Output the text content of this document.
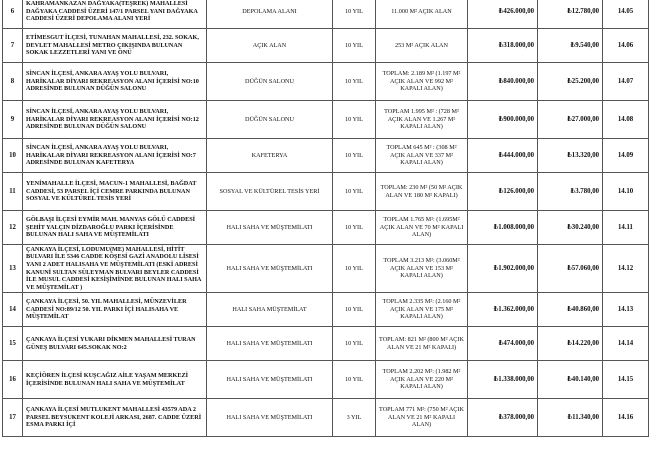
6	KAHRAMANKAZAN DAĞYAKA(TEŞREK) MAHALLESİ DAĞYAKA CADDESİ ÜZERİ 147/1 PARSEL YANI DAĞYAKA CADDESİ ÜZERİ DEPOLAMA ALANI YERİ	DEPOLAMA ALANI	10 YIL	11.000 M² AÇIK ALAN	₺426.000,00	₺12.780,00	14.05
7	ETİMESGUT İLÇESİ, TUNAHAN MAHALLESİ, 232. SOKAK, DEVLET MAHALLESİ METRO ÇIKIŞINDA BULUNAN SOKAK LEZZETLERİ YANI VE ÖNÜ	AÇIK ALAN	10 YIL	253 M² AÇIK ALAN	₺318.000,00	₺9.540,00	14.06
8	SİNCAN İLÇESİ, ANKARA AYAŞ YOLU BULVARI, HARİKALAR DİYARI REKREASYON ALANI İÇERİSİ NO:10 ADRESİNDE BULUNAN DÜĞÜN SALONU	DÜĞÜN SALONU	10 YIL	TOPLAM: 2.189 M² (1.197 M² AÇIK ALAN VE 992 M² KAPALI ALAN)	₺840.000,00	₺25.200,00	14.07
9	SİNCAN İLÇESİ, ANKARA AYAŞ YOLU BULVARI, HARİKALAR DİYARI REKREASYON ALANI İÇERİSİ NO:12 ADRESİNDE BULUNAN DÜĞÜN SALONU	DÜĞÜN SALONU	10 YIL	TOPLAM 1.995 M² : (728 M² AÇIK ALAN VE 1.267 M² KAPALI ALAN)	₺900.000,00	₺27.000,00	14.08
10	SİNCAN İLÇESİ, ANKARA AYAŞ YOLU BULVARI, HARİKALAR DİYARI REKREASYON ALANI İÇERİSİ NO:7 ADRESİNDE BULUNAN KAFETERYA	KAFETERYA	10 YIL	TOPLAM 645 M² : (308 M² AÇIK ALAN VE 337 M² KAPALI ALAN)	₺444.000,00	₺13.320,00	14.09
11	YENİMAHALLE İLÇESİ, MACUN-1 MAHALLESİ, BAĞDAT CADDESİ, 53 PARSEL İÇİ CEMRE PARKINDA BULUNAN SOSYAL VE KÜLTÜREL TESİS YERİ	SOSYAL VE KÜLTÜREL TESİS YERİ	10 YIL	TOPLAM: 230 M² (50 M² AÇIK ALAN VE 180 M² KAPALI)	₺126.000,00	₺3.780,00	14.10
12	GÖLBAŞI İLÇESİ EYMİR MAH. MANYAS GÖLÜ CADDESİ ŞEHİT YALÇIN DİZDAROĞLU PARKI İÇERİSİNDE BULUNAN HALI SAHA VE MÜŞTEMİLATI	HALI SAHA VE MÜŞTEMİLATI	10 YIL	TOPLAM 1.765 M²: (1.695M² AÇIK ALAN VE 70 M² KAPALI ALAN)	₺1.008.000,00	₺30.240,00	14.11
13	ÇANKAYA İLÇESİ, LODUMU(ME) MAHALLESİ, HİTİT BULVARI İLE 5346 CADDE KÖŞESİ GAZİ ANADOLU LİSESİ YANI 2 ADET HALISAHA VE MÜŞTEMİLATI (ESKİ ADRESİ KANUNİ SULTAN SÜLEYMAN BULVARI BEYLER CADDESİ İLE MUSUL CADDESİ KESİŞİMİNDE BULUNAN HALI SAHA VE MÜŞTEMİLAT )	HALI SAHA VE MÜŞTEMİLATI	10 YIL	TOPLAM 3.213 M²: (3.060M² AÇIK ALAN VE 153 M² KAPALI ALAN)	₺1.902.000,00	₺57.060,00	14.12
14	ÇANKAYA İLÇESİ, 50. YIL MAHALLESİ, MÜNZEVİLER CADDESİ NO:89/12 50. YIL PARKI İÇİ HALISAHA VE MÜŞTEMİLAT	HALI SAHA MÜŞTEMİLAT	10 YIL	TOPLAM 2.335 M²: (2.160 M² AÇIK ALAN VE 175 M² KAPALI ALAN)	₺1.362.000,00	₺40.860,00	14.13
15	ÇANKAYA İLÇESİ YUKARI DİKMEN MAHALLESİ TURAN GÜNEŞ BULVARI 645.SOKAK NO:2	HALI SAHA VE MÜŞTEMİLATI	10 YIL	TOPLAM: 821 M² (800 M² AÇIK ALAN VE 21 M² KAPALI)	₺474.000,00	₺14.220,00	14.14
16	KEÇİÖREN İLÇESİ KUŞCAĞIZ AİLE YAŞAM MERKEZİ İÇERİSİNDE BULUNAN HALI SAHA VE MÜŞTEMİLAT	HALI SAHA VE MÜŞTEMİLATI	10 YIL	TOPLAM 2.202 M²: (1.982 M² AÇIK ALAN VE 220 M² KAPALI ALAN)	₺1.338.000,00	₺40.140,00	14.15
17	ÇANKAYA İLÇESİ MUTLUKENT MAHALLESİ 43579 ADA 2 PARSEL BEYSUKENT KOLEJİ ARKASI, 2687. CADDE ÜZERİ ESMA PARKI İÇİ	HALI SAHA VE MÜŞTEMİLATI	3 YIL	TOPLAM 771 M²: (750 M² AÇIK ALAN VE 21 M² KAPALI ALAN)	₺378.000,00	₺11.340,00	14.16
